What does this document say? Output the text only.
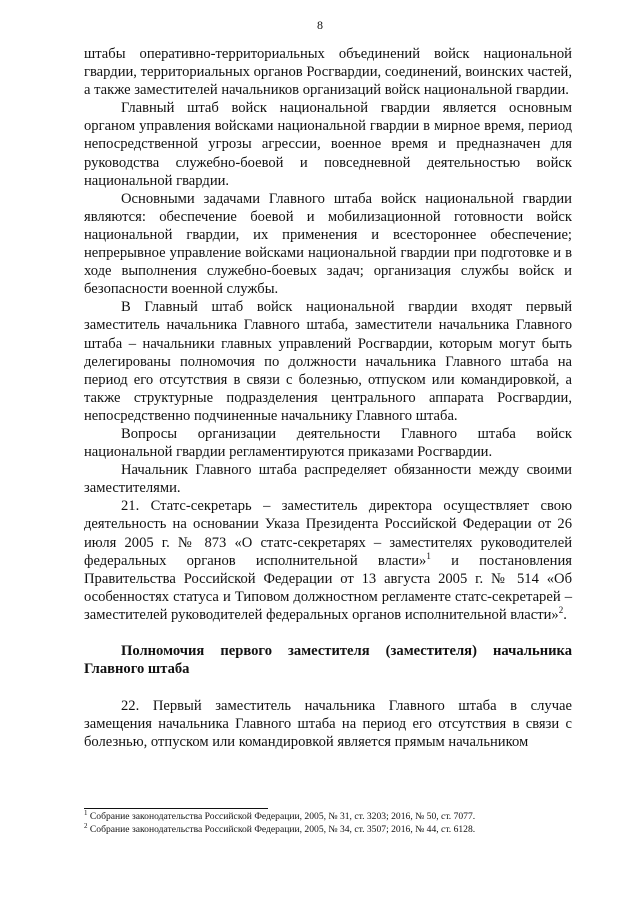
8

штабы оперативно-территориальных объединений войск национальной гвардии, территориальных органов Росгвардии, соединений, воинских частей, а также заместителей начальников организаций войск национальной гвардии.

Главный штаб войск национальной гвардии является основным органом управления войсками национальной гвардии в мирное время, период непосредственной угрозы агрессии, военное время и предназначен для руководства служебно-боевой и повседневной деятельностью войск национальной гвардии.

Основными задачами Главного штаба войск национальной гвардии являются: обеспечение боевой и мобилизационной готовности войск национальной гвардии, их применения и всестороннее обеспечение; непрерывное управление войсками национальной гвардии при подготовке и в ходе выполнения служебно-боевых задач; организация службы войск и безопасности военной службы.

В Главный штаб войск национальной гвардии входят первый заместитель начальника Главного штаба, заместители начальника Главного штаба – начальники главных управлений Росгвардии, которым могут быть делегированы полномочия по должности начальника Главного штаба на период его отсутствия в связи с болезнью, отпуском или командировкой, а также структурные подразделения центрального аппарата Росгвардии, непосредственно подчиненные начальнику Главного штаба.

Вопросы организации деятельности Главного штаба войск национальной гвардии регламентируются приказами Росгвардии.

Начальник Главного штаба распределяет обязанности между своими заместителями.

21. Статс-секретарь – заместитель директора осуществляет свою деятельность на основании Указа Президента Российской Федерации от 26 июля 2005 г. № 873 «О статс-секретарях – заместителях руководителей федеральных органов исполнительной власти»$^1$ и постановления Правительства Российской Федерации от 13 августа 2005 г. № 514 «Об особенностях статуса и Типовом должностном регламенте статс-секретарей – заместителей руководителей федеральных органов исполнительной власти»$^2$.

Полномочия первого заместителя (заместителя) начальника Главного штаба

22. Первый заместитель начальника Главного штаба в случае замещения начальника Главного штаба на период его отсутствия в связи с болезнью, отпуском или командировкой является прямым начальником

$^1$ Собрание законодательства Российской Федерации, 2005, № 31, ст. 3203; 2016, № 50, ст. 7077.

$^2$ Собрание законодательства Российской Федерации, 2005, № 34, ст. 3507; 2016, № 44, ст. 6128.
